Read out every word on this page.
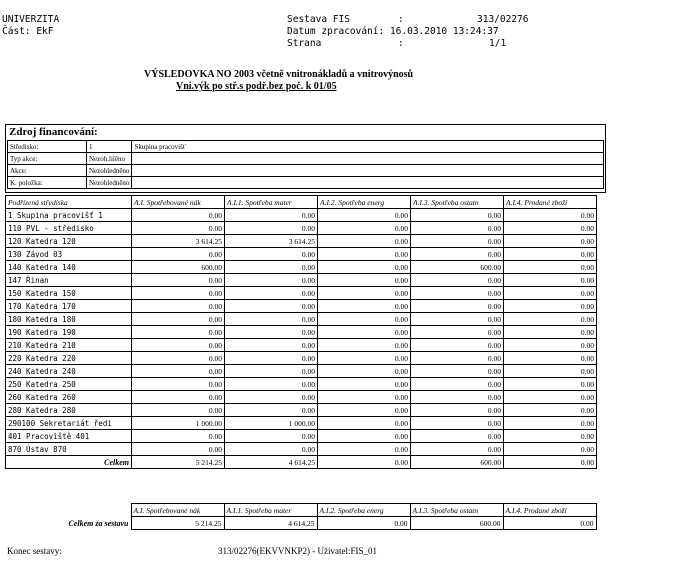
UNIVERZITA
Část: EkF
Sestava FIS	:	313/02276
Datum zpracování: 16.03.2010 13:24:37
Strana	:	1/1
VÝSLEDOVKA NO 2003 včetně vnitronákladů a vnitrovýnosů
Vni.výk po stř.s podř.bez poč. k 01/05
Zdroj financování:
Středisko:	1	Skupina pracovišť
Typ akce:	Nezoh.liíěno	
Akce:	Nezohledněno	
K. položka:	Nezohledněno	
Podřízená střediska	A.I. Spotřebované nák	A.I.1. Spotřeba mater	A.I.2. Spotřeba energ	A.I.3. Spotřeba ostatn	A.I.4. Prodané zboží
1 Skupina pracovišť 1	0.00	0.00	0.00	0.00	0.00
110 PVL - středisko	0.00	0.00	0.00	0.00	0.00
120 Katedra 120	3 614.25	3 614.25	0.00	0.00	0.00
130 Závod 03	0.00	0.00	0.00	0.00	0.00
140 Katedra 140	600.00	0.00	0.00	600.00	0.00
147 Řinan	0.00	0.00	0.00	0.00	0.00
150 Katedra 150	0.00	0.00	0.00	0.00	0.00
170 Katedra 170	0.00	0.00	0.00	0.00	0.00
180 Katedra 180	0.00	0.00	0.00	0.00	0.00
190 Katedra 190	0.00	0.00	0.00	0.00	0.00
210 Katedra 210	0.00	0.00	0.00	0.00	0.00
220 Katedra 220	0.00	0.00	0.00	0.00	0.00
240 Katedra 240	0.00	0.00	0.00	0.00	0.00
250 Katedra 250	0.00	0.00	0.00	0.00	0.00
260 Katedra 260	0.00	0.00	0.00	0.00	0.00
280 Katedra 280	0.00	0.00	0.00	0.00	0.00
290100 Sekretariát ředi	1 000.00	1 000.00	0.00	0.00	0.00
401 Pracoviště 401	0.00	0.00	0.00	0.00	0.00
870 Ústav 870	0.00	0.00	0.00	0.00	0.00
Celkem	5 214.25	4 614.25	0.00	600.00	0.00
	A.I. Spotřebované nák	A.I.1. Spotřeba mater	A.I.2. Spotřeba energ	A.I.3. Spotřeba ostatn	A.I.4. Prodané zboží
Celkem za sestavu	5 214.25	4 614.25	0.00	600.00	0.00
Konec sestavy:	313/02276(EKVVNKP2) - Uživatel:FIS_01
